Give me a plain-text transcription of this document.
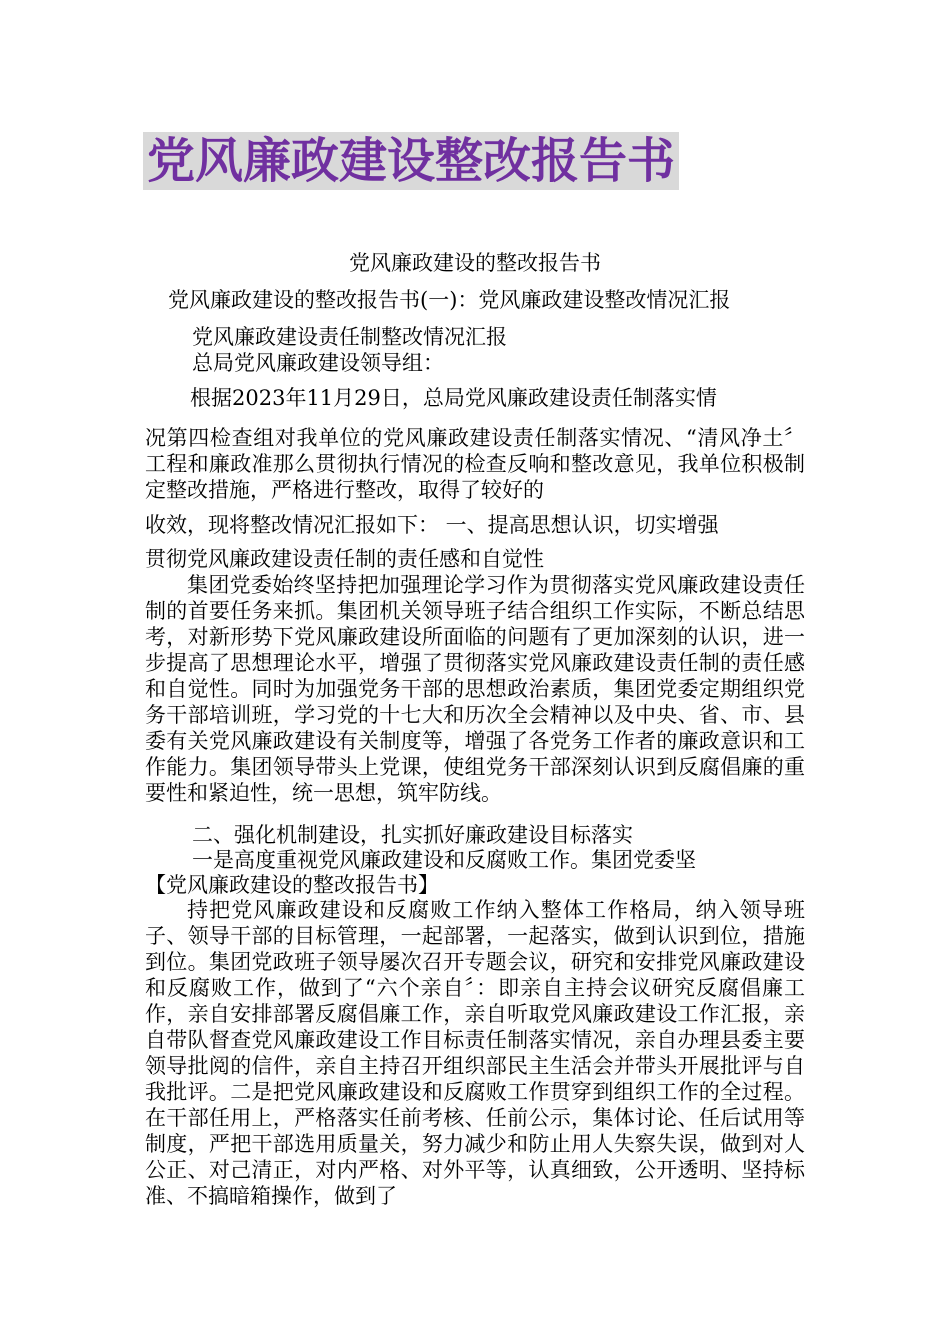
党风廉政建设整改报告书
党风廉政建设的整改报告书
党风廉政建设的整改报告书(一)：党风廉政建设整改情况汇报
党风廉政建设责任制整改情况汇报
总局党风廉政建设领导组：
根据2023年11月29日，总局党风廉政建设责任制落实情

况第四检查组对我单位的党风廉政建设责任制落实情况、“清风净土〞工程和廉政准那么贯彻执行情况的检查反响和整改意见，我单位积极制定整改措施，严格进行整改，取得了较好的

收效，现将整改情况汇报如下： 一、提高思想认识，切实增强
贯彻党风廉政建设责任制的责任感和自觉性

集团党委始终坚持把加强理论学习作为贯彻落实党风廉政建设责任制的首要任务来抓。集团机关领导班子结合组织工作实际，不断总结思考，对新形势下党风廉政建设所面临的问题有了更加深刻的认识，进一步提高了思想理论水平，增强了贯彻落实党风廉政建设责任制的责任感和自觉性。同时为加强党务干部的思想政治素质，集团党委定期组织党务干部培训班，学习党的十七大和历次全会精神以及中央、省、市、县委有关党风廉政建设有关制度等，增强了各党务工作者的廉政意识和工作能力。集团领导带头上党课，使组党务干部深刻认识到反腐倡廉的重要性和紧迫性，统一思想，筑牢防线。

二、强化机制建设，扎实抓好廉政建设目标落实
一是高度重视党风廉政建设和反腐败工作。集团党委坚
【党风廉政建设的整改报告书】

持把党风廉政建设和反腐败工作纳入整体工作格局，纳入领导班子、领导干部的目标管理，一起部署，一起落实，做到认识到位，措施到位。集团党政班子领导屡次召开专题会议，研究和安排党风廉政建设和反腐败工作，做到了“六个亲自〞：即亲自主持会议研究反腐倡廉工作，亲自安排部署反腐倡廉工作，亲自听取党风廉政建设工作汇报，亲自带队督查党风廉政建设工作目标责任制落实情况，亲自办理县委主要领导批阅的信件，亲自主持召开组织部民主生活会并带头开展批评与自我批评。二是把党风廉政建设和反腐败工作贯穿到组织工作的全过程。在干部任用上，严格落实任前考核、任前公示，集体讨论、任后试用等制度，严把干部选用质量关，努力减少和防止用人失察失误，做到对人公正、对己清正，对内严格、对外平等，认真细致，公开透明、坚持标准、不搞暗箱操作，做到了
